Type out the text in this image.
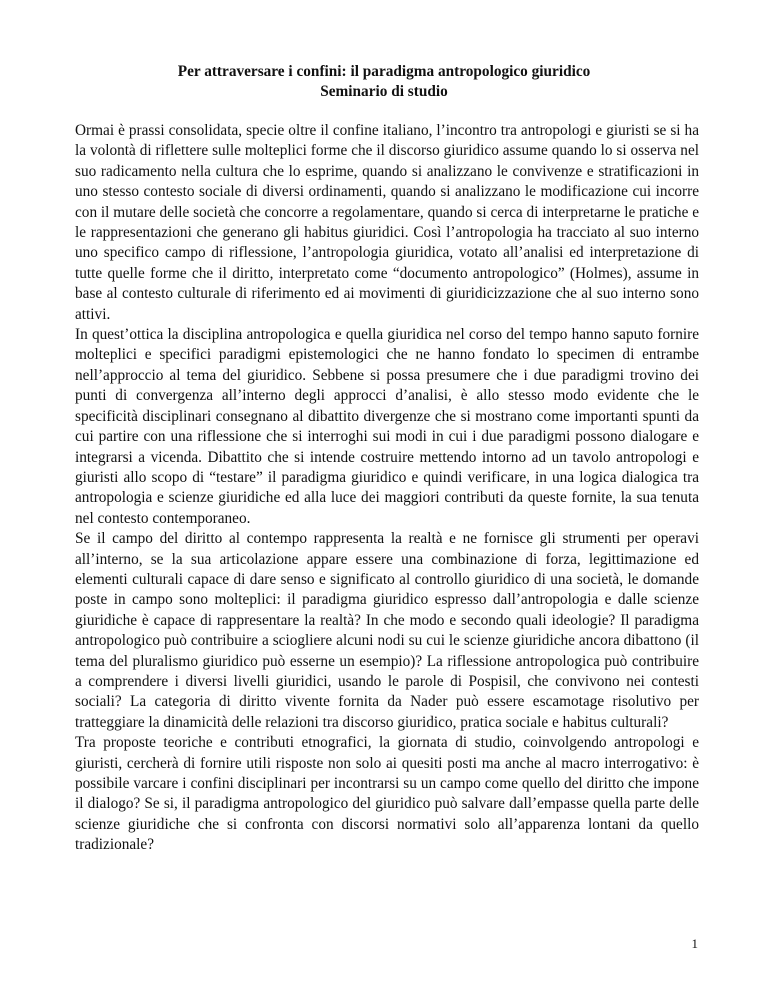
Per attraversare i confini: il paradigma antropologico giuridico
Seminario di studio

Ormai è prassi consolidata, specie oltre il confine italiano, l’incontro tra antropologi e giuristi se si ha la volontà di riflettere sulle molteplici forme che il discorso giuridico assume quando lo si osserva nel suo radicamento nella cultura che lo esprime, quando si analizzano le convivenze e stratificazioni in uno stesso contesto sociale di diversi ordinamenti, quando si analizzano le modificazione cui incorre con il mutare delle società che concorre a regolamentare, quando si cerca di interpretarne le pratiche e le rappresentazioni che generano gli habitus giuridici. Così l’antropologia ha tracciato al suo interno uno specifico campo di riflessione, l’antropologia giuridica, votato all’analisi ed interpretazione di tutte quelle forme che il diritto, interpretato come “documento antropologico” (Holmes), assume in base al contesto culturale di riferimento ed ai movimenti di giuridicizzazione che al suo interno sono attivi.

In quest’ottica la disciplina antropologica e quella giuridica nel corso del tempo hanno saputo fornire molteplici e specifici paradigmi epistemologici che ne hanno fondato lo specimen di entrambe nell’approccio al tema del giuridico. Sebbene si possa presumere che i due paradigmi trovino dei punti di convergenza all’interno degli approcci d’analisi, è allo stesso modo evidente che le specificità disciplinari consegnano al dibattito divergenze che si mostrano come importanti spunti da cui partire con una riflessione che si interroghi sui modi in cui i due paradigmi possono dialogare e integrarsi a vicenda. Dibattito che si intende costruire mettendo intorno ad un tavolo antropologi e giuristi allo scopo di “testare” il paradigma giuridico e quindi verificare, in una logica dialogica tra antropologia e scienze giuridiche ed alla luce dei maggiori contributi da queste fornite, la sua tenuta nel contesto contemporaneo.

Se il campo del diritto al contempo rappresenta la realtà e ne fornisce gli strumenti per operavi all’interno, se la sua articolazione appare essere una combinazione di forza, legittimazione ed elementi culturali capace di dare senso e significato al controllo giuridico di una società, le domande poste in campo sono molteplici: il paradigma giuridico espresso dall’antropologia e dalle scienze giuridiche è capace di rappresentare la realtà? In che modo e secondo quali ideologie? Il paradigma antropologico può contribuire a sciogliere alcuni nodi su cui le scienze giuridiche ancora dibattono (il tema del pluralismo giuridico può esserne un esempio)? La riflessione antropologica può contribuire a comprendere i diversi livelli giuridici, usando le parole di Pospisil, che convivono nei contesti sociali? La categoria di diritto vivente fornita da Nader può essere escamotage risolutivo per tratteggiare la dinamicità delle relazioni tra discorso giuridico, pratica sociale e habitus culturali?

Tra proposte teoriche e contributi etnografici, la giornata di studio, coinvolgendo antropologi e giuristi, cercherà di fornire utili risposte non solo ai quesiti posti ma anche al macro interrogativo: è possibile varcare i confini disciplinari per incontrarsi su un campo come quello del diritto che impone il dialogo? Se si, il paradigma antropologico del giuridico può salvare dall’empasse quella parte delle scienze giuridiche che si confronta con discorsi normativi solo all’apparenza lontani da quello tradizionale?

1
